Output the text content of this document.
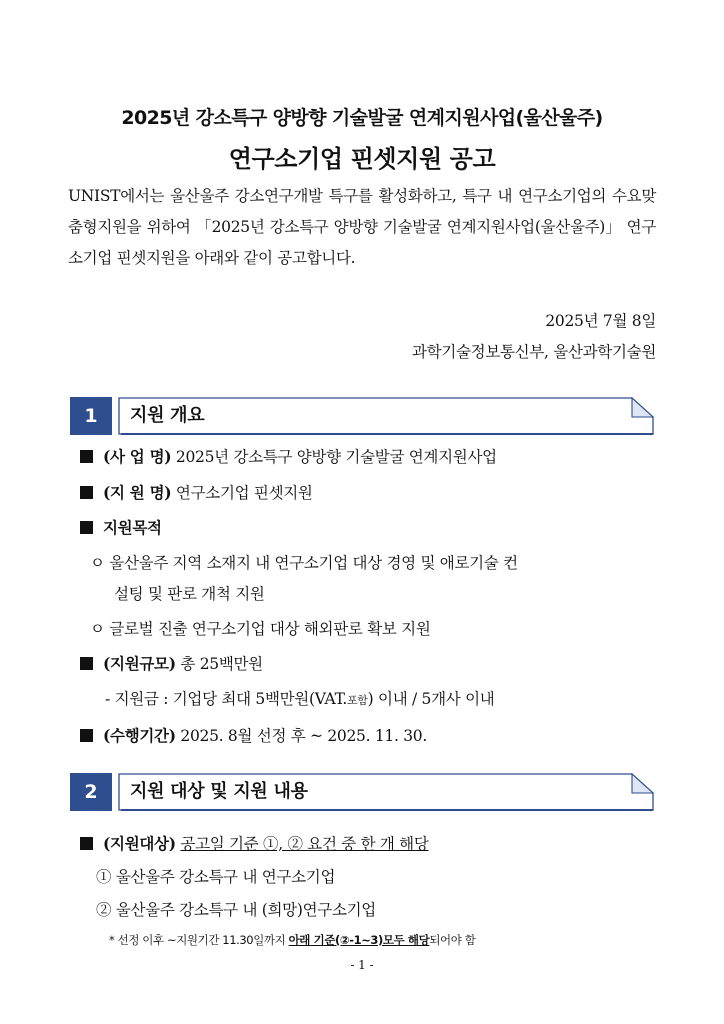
2025년 강소특구 양방향 기술발굴 연계지원사업(울산울주)
연구소기업 핀셋지원 공고
UNIST에서는 울산울주 강소연구개발 특구를 활성화하고, 특구 내 연구소기업의 수요맞춤형지원을 위하여 「2025년 강소특구 양방향 기술발굴 연계지원사업(울산울주)」 연구소기업 핀셋지원을 아래와 같이 공고합니다.
2025년 7월 8일
과학기술정보통신부, 울산과학기술원
1	지원 개요
(사 업 명) 2025년 강소특구 양방향 기술발굴 연계지원사업
(지 원 명) 연구소기업 핀셋지원
지원목적
ㅇ 울산울주 지역 소재지 내 연구소기업 대상 경영 및 애로기술 컨
설팅 및 판로 개척 지원
ㅇ 글로벌 진출 연구소기업 대상 해외판로 확보 지원
(지원규모) 총 25백만원
- 지원금 : 기업당 최대 5백만원(VAT.포함) 이내 / 5개사 이내
(수행기간) 2025. 8월 선정 후 ~ 2025. 11. 30.
2	지원 대상 및 지원 내용
(지원대상) 공고일 기준 ①, ② 요건 중 한 개 해당
① 울산울주 강소특구 내 연구소기업
② 울산울주 강소특구 내 (희망)연구소기업
* 선정 이후 ~지원기간 11.30일까지 아래 기준(②-1~3)모두 해당되어야 함
- 1 -
